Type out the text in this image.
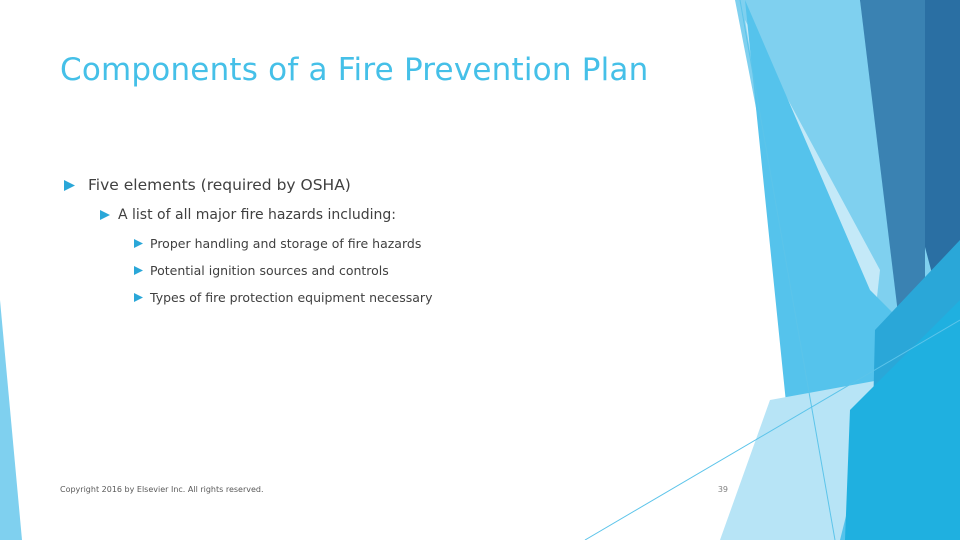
Components of a Fire Prevention Plan
Five elements (required by OSHA)
A list of all major fire hazards including:
Proper handling and storage of fire hazards
Potential ignition sources and controls
Types of fire protection equipment necessary
Copyright 2016 by Elsevier Inc. All rights reserved.	39
